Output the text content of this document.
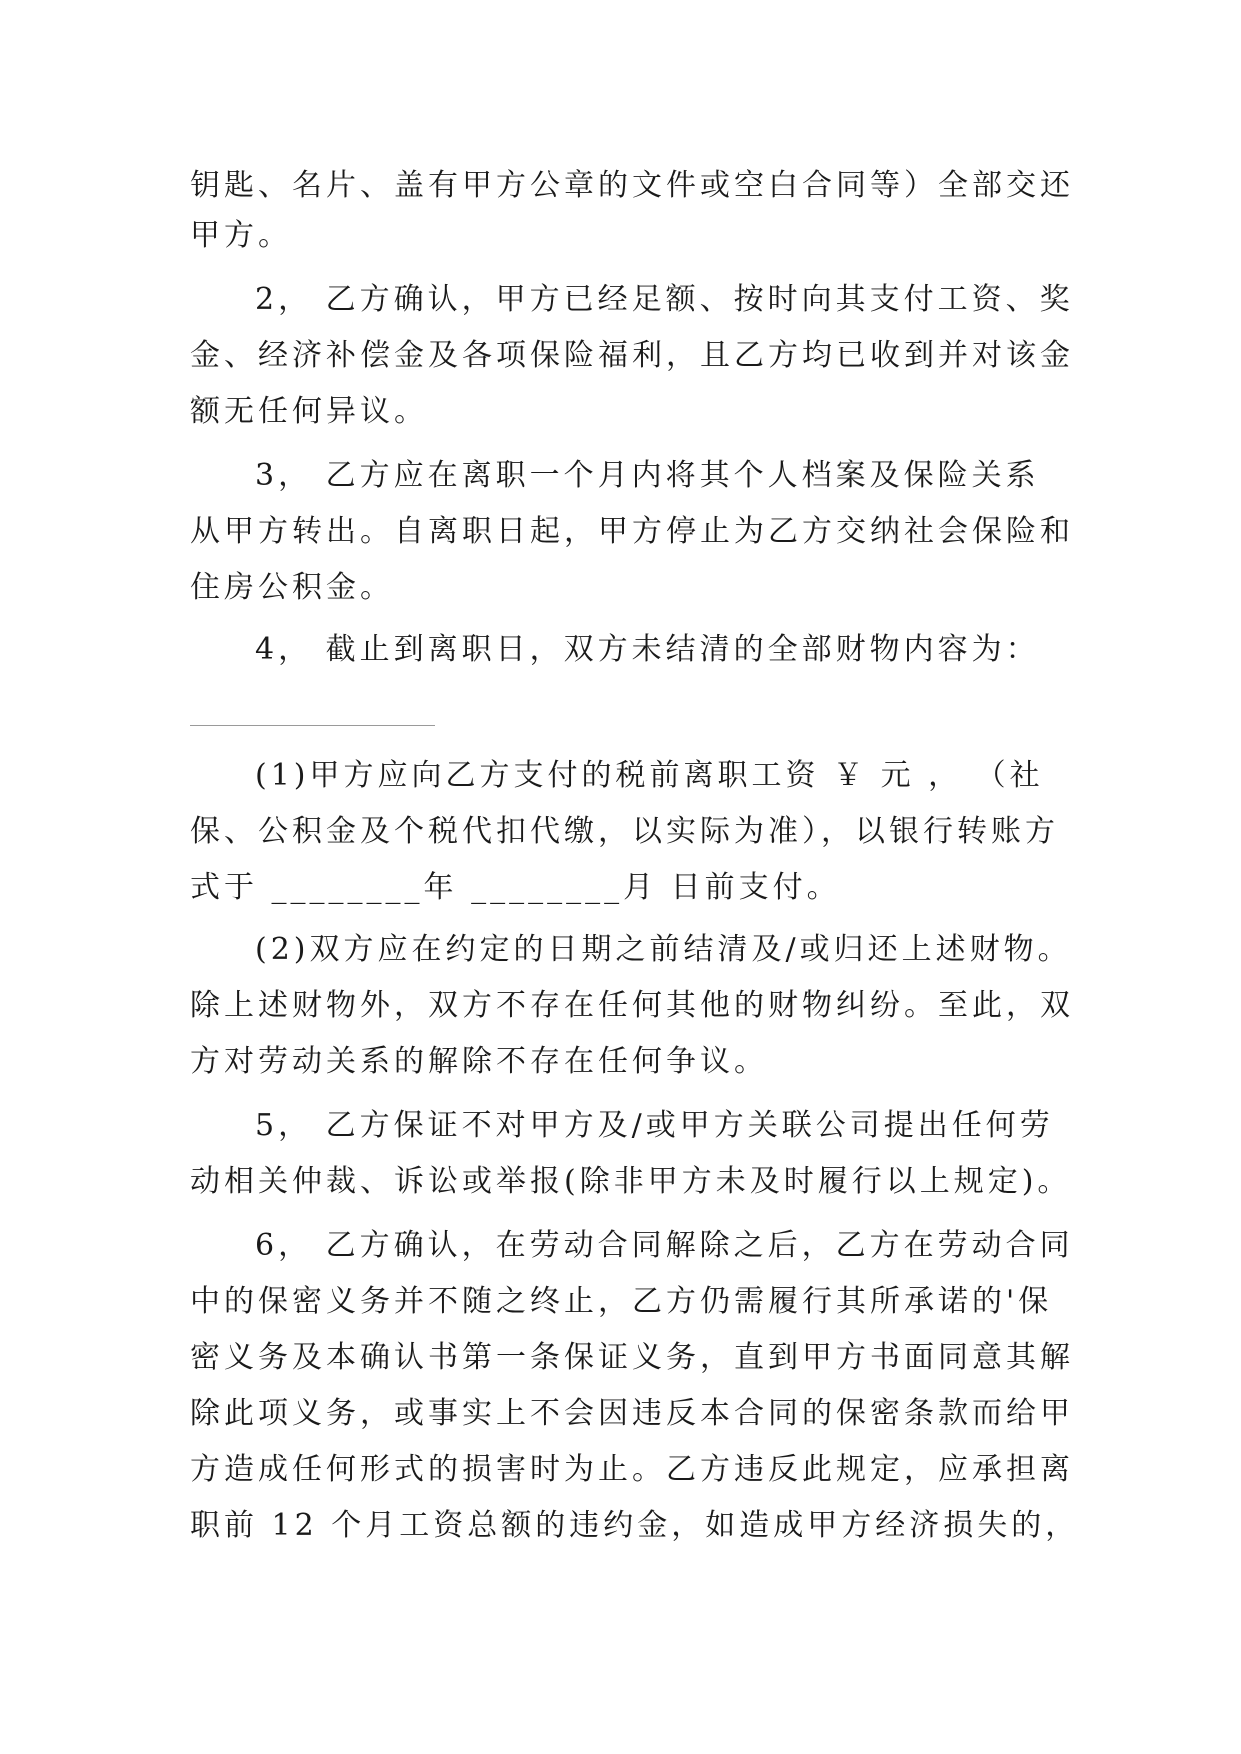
钥匙、名片、盖有甲方公章的文件或空白合同等）全部交还
甲方。
2， 乙方确认，甲方已经足额、按时向其支付工资、奖
金、经济补偿金及各项保险福利，且乙方均已收到并对该金
额无任何异议。
3， 乙方应在离职一个月内将其个人档案及保险关系
从甲方转出。自离职日起，甲方停止为乙方交纳社会保险和
住房公积金。
4， 截止到离职日，双方未结清的全部财物内容为：
(1)甲方应向乙方支付的税前离职工资 ￥ 元 ， （社
保、公积金及个税代扣代缴，以实际为准），以银行转账方
式于 ________年 ________月 日前支付。
(2)双方应在约定的日期之前结清及/或归还上述财物。
除上述财物外，双方不存在任何其他的财物纠纷。至此，双
方对劳动关系的解除不存在任何争议。
5， 乙方保证不对甲方及/或甲方关联公司提出任何劳
动相关仲裁、诉讼或举报(除非甲方未及时履行以上规定)。
6， 乙方确认，在劳动合同解除之后，乙方在劳动合同
中的保密义务并不随之终止，乙方仍需履行其所承诺的'保
密义务及本确认书第一条保证义务，直到甲方书面同意其解
除此项义务，或事实上不会因违反本合同的保密条款而给甲
方造成任何形式的损害时为止。乙方违反此规定，应承担离
职前 12 个月工资总额的违约金，如造成甲方经济损失的，
